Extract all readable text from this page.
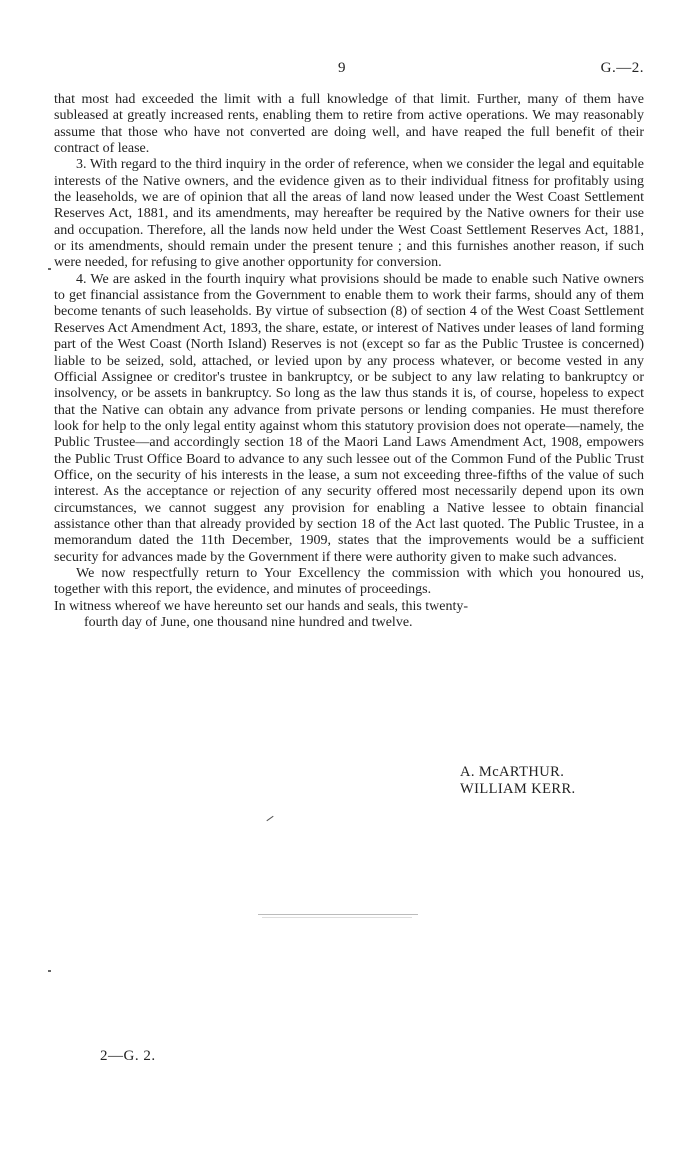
9	G.—2.

that most had exceeded the limit with a full knowledge of that limit. Further, many of them have subleased at greatly increased rents, enabling them to retire from active operations. We may reasonably assume that those who have not converted are doing well, and have reaped the full benefit of their contract of lease.

3. With regard to the third inquiry in the order of reference, when we consider the legal and equitable interests of the Native owners, and the evidence given as to their individual fitness for profitably using the leaseholds, we are of opinion that all the areas of land now leased under the West Coast Settlement Reserves Act, 1881, and its amendments, may hereafter be required by the Native owners for their use and occupation. Therefore, all the lands now held under the West Coast Settlement Reserves Act, 1881, or its amendments, should remain under the present tenure ; and this furnishes another reason, if such were needed, for refusing to give another opportunity for conversion.

4. We are asked in the fourth inquiry what provisions should be made to enable such Native owners to get financial assistance from the Government to enable them to work their farms, should any of them become tenants of such leaseholds. By virtue of subsection (8) of section 4 of the West Coast Settlement Reserves Act Amendment Act, 1893, the share, estate, or interest of Natives under leases of land forming part of the West Coast (North Island) Reserves is not (except so far as the Public Trustee is concerned) liable to be seized, sold, attached, or levied upon by any process whatever, or become vested in any Official Assignee or creditor's trustee in bankruptcy, or be subject to any law relating to bankruptcy or insolvency, or be assets in bankruptcy. So long as the law thus stands it is, of course, hopeless to expect that the Native can obtain any advance from private persons or lending companies. He must therefore look for help to the only legal entity against whom this statutory provision does not operate—namely, the Public Trustee—and accordingly section 18 of the Maori Land Laws Amendment Act, 1908, empowers the Public Trust Office Board to advance to any such lessee out of the Common Fund of the Public Trust Office, on the security of his interests in the lease, a sum not exceeding three-fifths of the value of such interest. As the acceptance or rejection of any security offered most necessarily depend upon its own circumstances, we cannot suggest any provision for enabling a Native lessee to obtain financial assistance other than that already provided by section 18 of the Act last quoted. The Public Trustee, in a memorandum dated the 11th December, 1909, states that the improvements would be a sufficient security for advances made by the Government if there were authority given to make such advances.

We now respectfully return to Your Excellency the commission with which you honoured us, together with this report, the evidence, and minutes of proceedings.

In witness whereof we have hereunto set our hands and seals, this twenty-
fourth day of June, one thousand nine hundred and twelve.

A. McARTHUR.
WILLIAM KERR.
2—G. 2.
